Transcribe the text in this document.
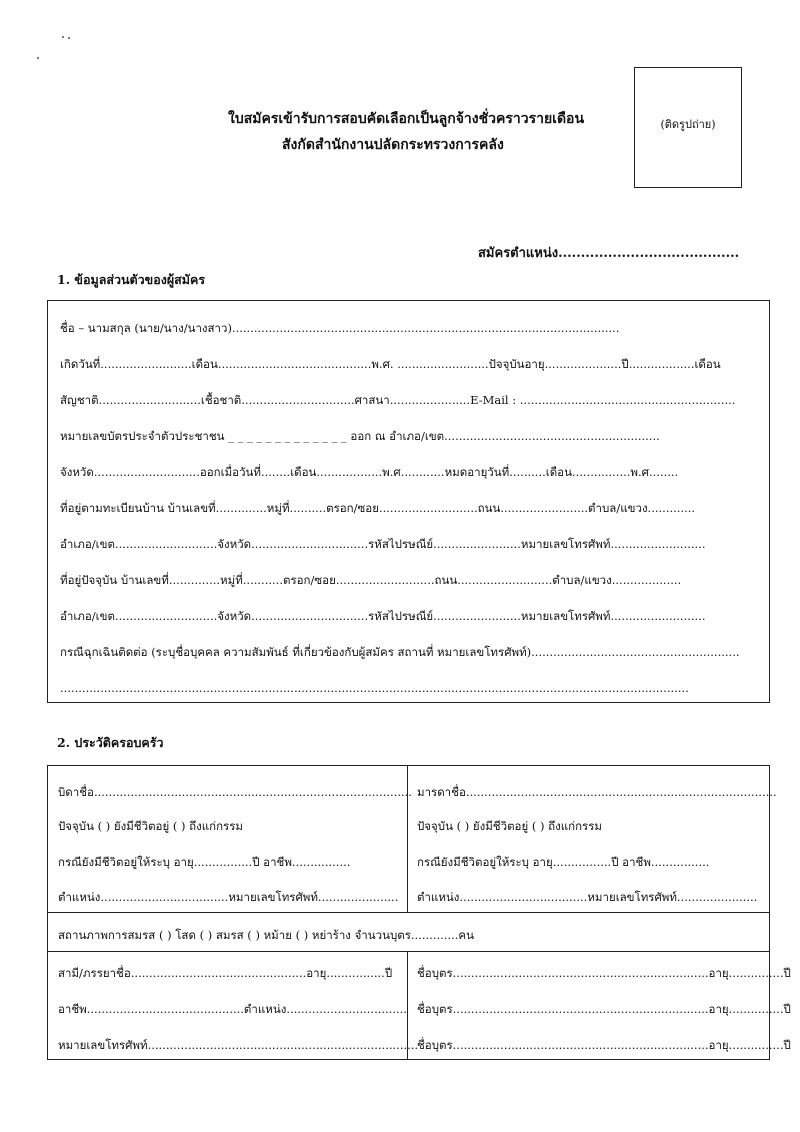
ใบสมัครเข้ารับการสอบคัดเลือกเป็นลูกจ้างชั่วคราวรายเดือน
สังกัดสำนักงานปลัดกระทรวงการคลัง
(ติดรูปถ่าย)
สมัครตำแหน่ง........................................
1. ข้อมูลส่วนตัวของผู้สมัคร
ชื่อ – นามสกุล (นาย/นาง/นางสาว)..........................................................................................................
เกิดวันที่.........................เดือน..........................................พ.ศ. .........................ปัจจุบันอายุ.....................ปี..................เดือน
สัญชาติ............................เชื้อชาติ...............................ศาสนา......................E-Mail : ...........................................................
หมายเลขบัตรประจำตัวประชาชน _ _ _ _ _ _ _ _ _ _ _ _ _ ออก ณ อำเภอ/เขต...........................................................
จังหวัด.............................ออกเมื่อวันที่........เดือน..................พ.ศ............หมดอายุวันที่..........เดือน................พ.ศ........
ที่อยู่ตามทะเบียนบ้าน บ้านเลขที่..............หมู่ที่..........ตรอก/ซอย...........................ถนน........................ตำบล/แขวง.............
อำเภอ/เขต............................จังหวัด................................รหัสไปรษณีย์........................หมายเลขโทรศัพท์..........................
ที่อยู่ปัจจุบัน บ้านเลขที่..............หมู่ที่...........ตรอก/ซอย...........................ถนน..........................ตำบล/แขวง...................
อำเภอ/เขต............................จังหวัด................................รหัสไปรษณีย์........................หมายเลขโทรศัพท์..........................
กรณีฉุกเฉินติดต่อ (ระบุชื่อบุคคล ความสัมพันธ์ ที่เกี่ยวข้องกับผู้สมัคร สถานที่ หมายเลขโทรศัพท์).........................................................
............................................................................................................................................................................
2. ประวัติครอบครัว
บิดาชื่อ.......................................................................................
ปัจจุบัน ( ) ยังมีชีวิตอยู่ ( ) ถึงแก่กรรม
กรณียังมีชีวิตอยู่ให้ระบุ อายุ................ปี อาชีพ................
ตำแหน่ง...................................หมายเลขโทรศัพท์......................
มารดาชื่อ.....................................................................................
ปัจจุบัน ( ) ยังมีชีวิตอยู่ ( ) ถึงแก่กรรม
กรณียังมีชีวิตอยู่ให้ระบุ อายุ................ปี อาชีพ................
ตำแหน่ง...................................หมายเลขโทรศัพท์......................
สถานภาพการสมรส ( ) โสด ( ) สมรส ( ) หม้าย ( ) หย่าร้าง จำนวนบุตร.............คน
สามี/ภรรยาชื่อ................................................อายุ................ปี
อาชีพ...........................................ตำแหน่ง.................................
หมายเลขโทรศัพท์..........................................................................
ชื่อบุตร......................................................................อายุ...............ปี
ชื่อบุตร......................................................................อายุ...............ปี
ชื่อบุตร......................................................................อายุ...............ปี
